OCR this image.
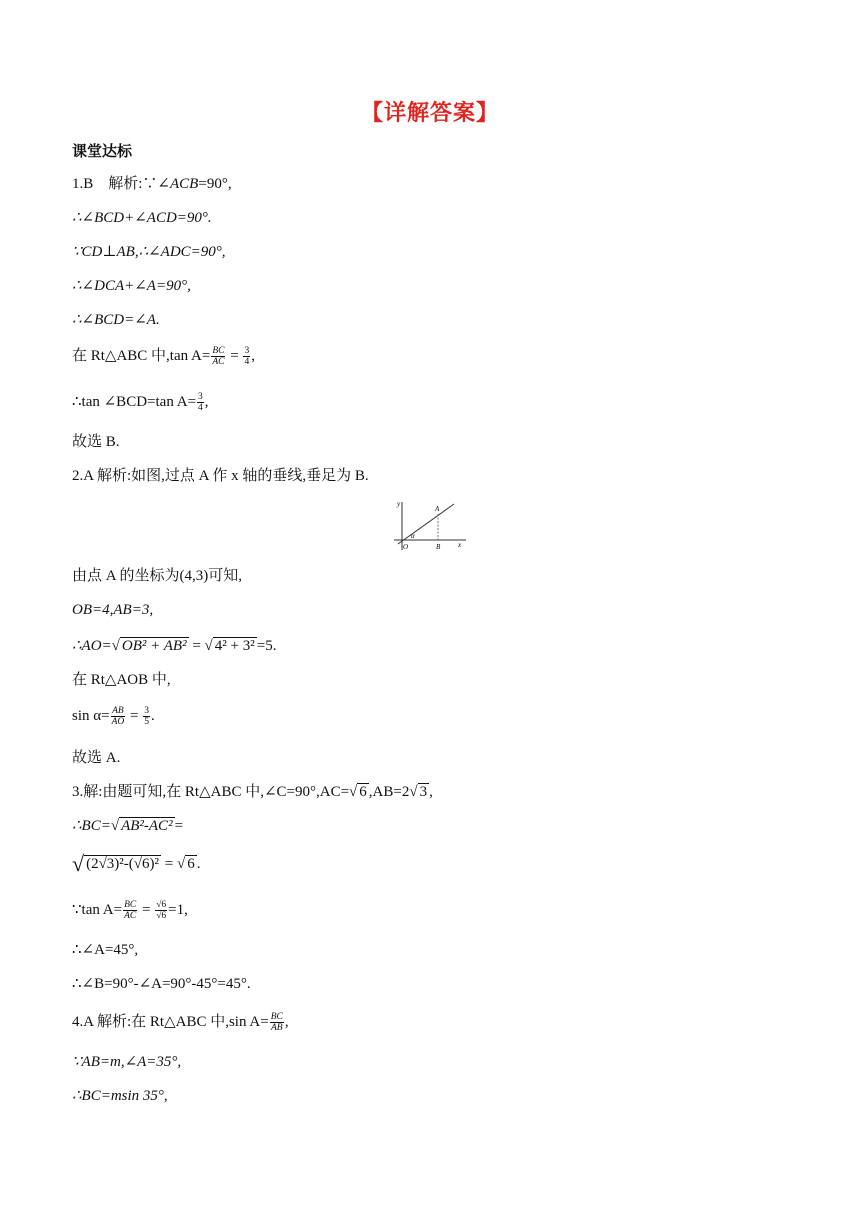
【详解答案】
课堂达标
1.B 解析:∵∠ACB=90°,
∴∠BCD+∠ACD=90°.
∵CD⊥AB,∴∠ADC=90°,
∴∠DCA+∠A=90°,
∴∠BCD=∠A.
在 Rt△ABC 中,tan $A= \frac{BC}{AC} = \frac{3}{4}$ ,
∴tan ∠BCD=tan $A= \frac{3}{4}$ ,
故选 B.
2.A 解析:如图,过点 A 作 x 轴的垂线,垂足为 B.
y
x
A
O	B
α
由点 A 的坐标为(4,3)可知,
OB=4,AB=3,
∴AO=√ OB² + AB² = √ 4² + 3² =5.
在 Rt△AOB 中,
$\sin \alpha= \frac{AB}{AO} = \frac{3}{5}$ .
故选 A.
3.解:由题可知,在 Rt△ABC 中,∠C=90°,AC=√ 6 ,AB=2√ 3 ,
∴BC=√ AB²-AC² =
√ (2√3)²-(√6)² = √ 6 .
∵tan $A= \frac{BC}{AC} = \frac{√6}{√6} =1$,
∴∠A=45°,
∴∠B=90°-∠A=90°-45°=45°.
4.A 解析:在 Rt△ABC 中,sin $A= \frac{BC}{AB}$ ,
∵AB=m,∠A=35°,
∴BC=msin 35°,
